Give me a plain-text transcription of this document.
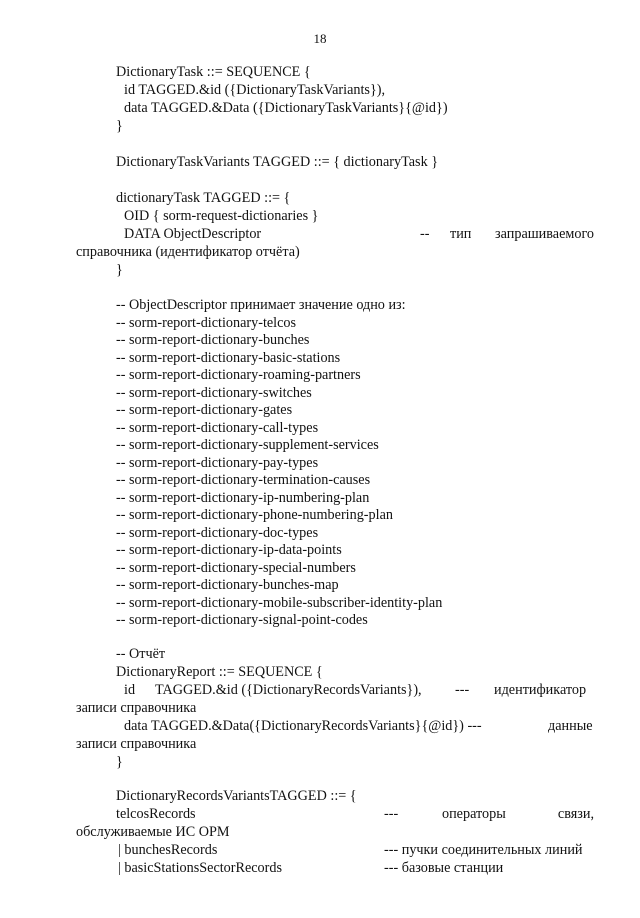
18
DictionaryTask ::= SEQUENCE {
id TAGGED.&id ({DictionaryTaskVariants}),
data TAGGED.&Data ({DictionaryTaskVariants}{@id})
}
DictionaryTaskVariants TAGGED ::= { dictionaryTask }
dictionaryTask TAGGED ::= {
OID { sorm-request-dictionaries }
DATA ObjectDescriptor	-- тип запрашиваемого
справочника (идентификатор отчёта)
}
-- ObjectDescriptor принимает значение одно из:
-- sorm-report-dictionary-telcos
-- sorm-report-dictionary-bunches
-- sorm-report-dictionary-basic-stations
-- sorm-report-dictionary-roaming-partners
-- sorm-report-dictionary-switches
-- sorm-report-dictionary-gates
-- sorm-report-dictionary-call-types
-- sorm-report-dictionary-supplement-services
-- sorm-report-dictionary-pay-types
-- sorm-report-dictionary-termination-causes
-- sorm-report-dictionary-ip-numbering-plan
-- sorm-report-dictionary-phone-numbering-plan
-- sorm-report-dictionary-doc-types
-- sorm-report-dictionary-ip-data-points
-- sorm-report-dictionary-special-numbers
-- sorm-report-dictionary-bunches-map
-- sorm-report-dictionary-mobile-subscriber-identity-plan
-- sorm-report-dictionary-signal-point-codes
-- Отчёт
DictionaryReport ::= SEQUENCE {
id TAGGED.&id ({DictionaryRecordsVariants}), --- идентификатор
записи справочника
data TAGGED.&Data({DictionaryRecordsVariants}{@id}) ---	данные
записи справочника
}
DictionaryRecordsVariantsTAGGED ::= {
telcosRecords	---	операторы	связи,
обслуживаемые ИС ОРМ
| bunchesRecords	--- пучки соединительных линий
| basicStationsSectorRecords	--- базовые станции
